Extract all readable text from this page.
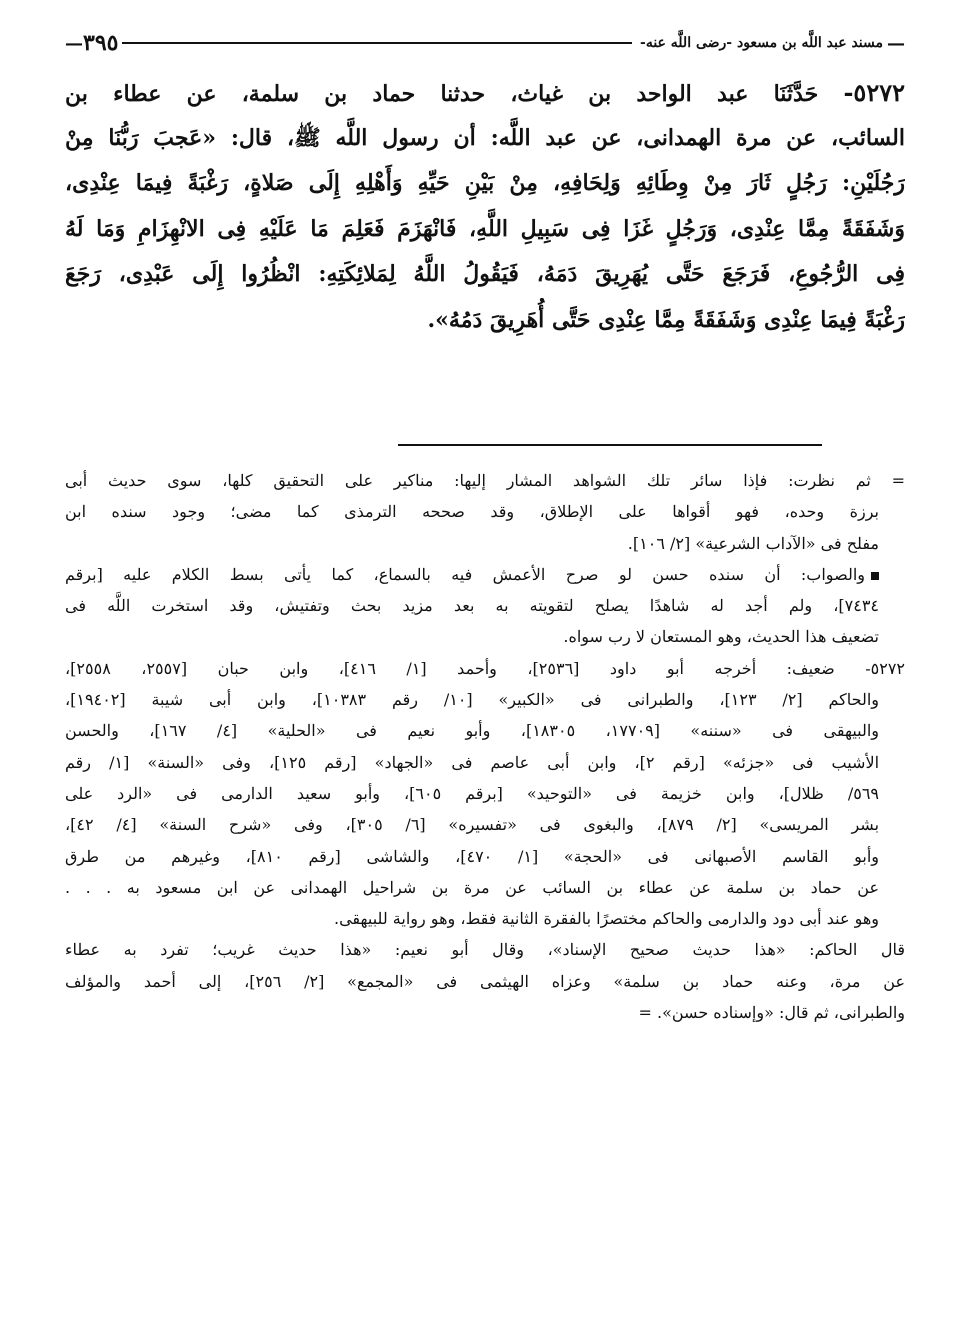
—
مسند عبد اللَّه بن مسعود -رضى اللَّه عنه-
٣٩٥
—
٥٢٧٢- حَدَّثَنَا عبد الواحد بن غياث، حدثنا حماد بن سلمة، عن عطاء بن
السائب، عن مرة الهمدانى، عن عبد اللَّه: أن رسول اللَّه ﷺ، قال: «عَجبَ رَبُّنَا مِنْ
رَجُلَيْنِ: رَجُلٍ ثَارَ مِنْ وِطَائِهِ وَلِحَافِهِ، مِنْ بَيْنِ حَيِّهِ وَأَهْلِهِ إِلَى صَلاةٍ، رَغْبَةً فِيمَا عِنْدِى،
وَشَفَقَةً مِمَّا عِنْدِى، وَرَجُلٍ غَزَا فِى سَبِيلِ اللَّهِ، فَانْهَزَمَ فَعَلِمَ مَا عَلَيْهِ فِى الانْهِزَامِ وَمَا لَهُ
فِى الرُّجُوعِ، فَرَجَعَ حَتَّى يُهَرِيقَ دَمَهُ، فَيَقُولُ اللَّهُ لِمَلائِكَتِهِ: انْظُرُوا إِلَى عَبْدِى، رَجَعَ
رَغْبَةً فِيمَا عِنْدِى وَشَفَقَةً مِمَّا عِنْدِى حَتَّى أُهَرِيقَ دَمُهُ».
= ثم نظرت: فإذا سائر تلك الشواهد المشار إليها: مناكير على التحقيق كلها، سوى حديث أبى
برزة وحده، فهو أقواها على الإطلاق، وقد صححه الترمذى كما مضى؛ وجود سنده ابن
مفلح فى «الآداب الشرعية» [٢/ ١٠٦].
والصواب: أن سنده حسن لو صرح الأعمش فيه بالسماع، كما يأتى بسط الكلام عليه [برقم
٧٤٣٤]، ولم أجد له شاهدًا يصلح لتقويته به بعد مزيد بحث وتفتيش، وقد استخرت اللَّه فى
تضعيف هذا الحديث، وهو المستعان لا رب سواه.
٥٢٧٢- ضعيف: أخرجه أبو داود [٢٥٣٦]، وأحمد [١/ ٤١٦]، وابن حبان [٢٥٥٧، ٢٥٥٨]،
والحاكم [٢/ ١٢٣]، والطبرانى فى «الكبير» [١٠/ رقم ١٠٣٨٣]، وابن أبى شيبة [١٩٤٠٢]،
والبيهقى فى «سننه» [١٧٧٠٩، ١٨٣٠٥]، وأبو نعيم فى «الحلية» [٤/ ١٦٧]، والحسن
الأشيب فى «جزئه» [رقم ٢]، وابن أبى عاصم فى «الجهاد» [رقم ١٢٥]، وفى «السنة» [١/ رقم
٥٦٩/ ظلال]، وابن خزيمة فى «التوحيد» [برقم ٦٠٥]، وأبو سعيد الدارمى فى «الرد على
بشر المريسى» [٢/ ٨٧٩]، والبغوى فى «تفسيره» [٦/ ٣٠٥]، وفى «شرح السنة» [٤/ ٤٢]،
وأبو القاسم الأصبهانى فى «الحجة» [١/ ٤٧٠]، والشاشى [رقم ٨١٠]، وغيرهم من طرق
عن حماد بن سلمة عن عطاء بن السائب عن مرة بن شراحيل الهمدانى عن ابن مسعود به . . .
وهو عند أبى دود والدارمى والحاكم مختصرًا بالفقرة الثانية فقط، وهو رواية للبيهقى.
قال الحاكم: «هذا حديث صحيح الإسناد»، وقال أبو نعيم: «هذا حديث غريب؛ تفرد به عطاء
عن مرة، وعنه حماد بن سلمة» وعزاه الهيثمى فى «المجمع» [٢/ ٢٥٦]، إلى أحمد والمؤلف
والطبرانى، ثم قال: «وإسناده حسن». =
